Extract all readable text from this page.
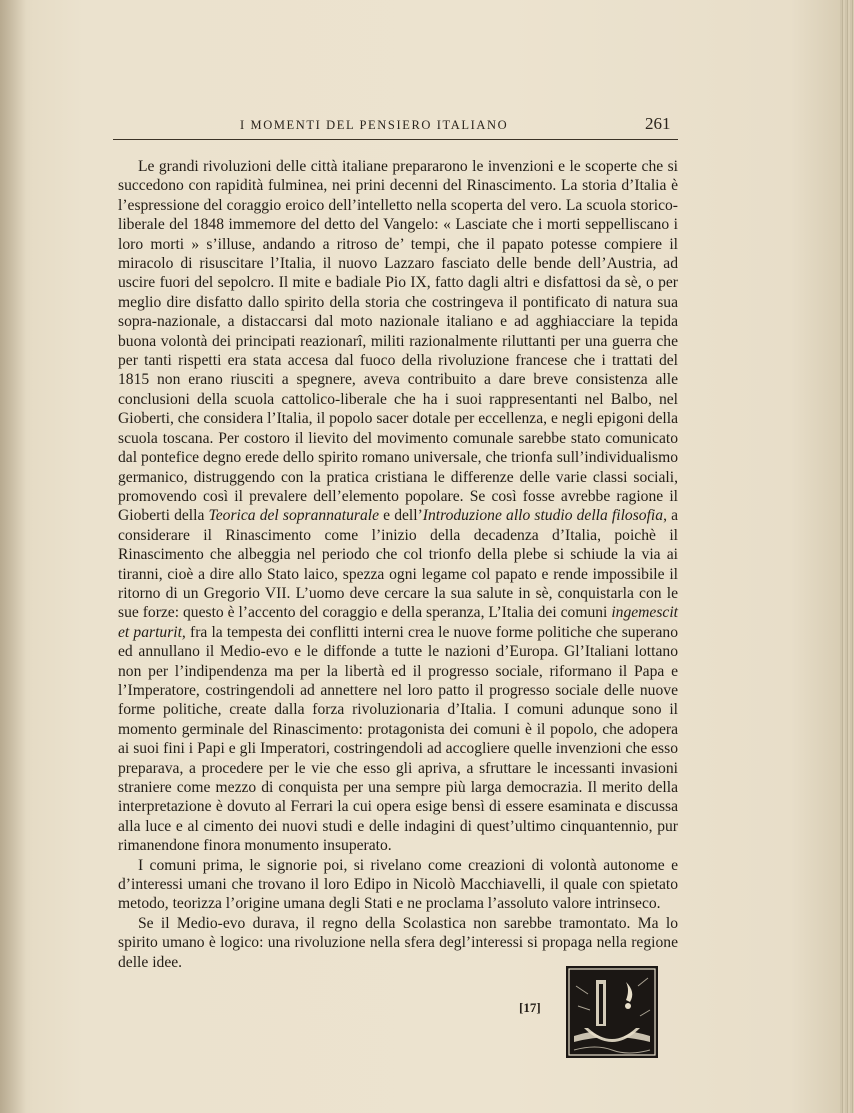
I MOMENTI DEL PENSIERO ITALIANO	261

Le grandi rivoluzioni delle città italiane prepararono le invenzioni e le scoperte che si succedono con rapidità fulminea, nei prini decenni del Rinascimento. La storia d’Italia è l’espressione del coraggio eroico dell’intelletto nella scoperta del vero. La scuola storico-liberale del 1848 immemore del detto del Vangelo: « Lasciate che i morti seppelliscano i loro morti » s’illuse, andando a ritroso de’ tempi, che il papato potesse compiere il miracolo di risuscitare l’Italia, il nuovo Lazzaro fasciato delle bende dell’Austria, ad uscire fuori del sepolcro. Il mite e badiale Pio IX, fatto dagli altri e disfattosi da sè, o per meglio dire disfatto dallo spirito della storia che costringeva il pontificato di natura sua sopra-nazionale, a distaccarsi dal moto nazionale italiano e ad agghiacciare la tepida buona volontà dei principati reazionarî, militi razionalmente riluttanti per una guerra che per tanti rispetti era stata accesa dal fuoco della rivoluzione francese che i trattati del 1815 non erano riusciti a spegnere, aveva contribuito a dare breve consistenza alle conclusioni della scuola cattolico-liberale che ha i suoi rappresentanti nel Balbo, nel Gioberti, che considera l’Italia, il popolo sacer dotale per eccellenza, e negli epigoni della scuola toscana. Per costoro il lievito del movimento comunale sarebbe stato comunicato dal pontefice degno erede dello spirito romano universale, che trionfa sull’individualismo germanico, distruggendo con la pratica cristiana le differenze delle varie classi sociali, promovendo così il prevalere dell’elemento popolare. Se così fosse avrebbe ragione il Gioberti della Teorica del soprannaturale e dell’Introduzione allo studio della filosofia, a considerare il Rinascimento come l’inizio della decadenza d’Italia, poichè il Rinascimento che albeggia nel periodo che col trionfo della plebe si schiude la via ai tiranni, cioè a dire allo Stato laico, spezza ogni legame col papato e rende impossibile il ritorno di un Gregorio VII. L’uomo deve cercare la sua salute in sè, conquistarla con le sue forze: questo è l’accento del coraggio e della speranza, L’Italia dei comuni ingemescit et parturit, fra la tempesta dei conflitti interni crea le nuove forme politiche che superano ed annullano il Medio-evo e le diffonde a tutte le nazioni d’Europa. Gl’Italiani lottano non per l’indipendenza ma per la libertà ed il progresso sociale, riformano il Papa e l’Imperatore, costringendoli ad annettere nel loro patto il progresso sociale delle nuove forme politiche, create dalla forza rivoluzionaria d’Italia. I comuni adunque sono il momento germinale del Rinascimento: protagonista dei comuni è il popolo, che adopera ai suoi fini i Papi e gli Imperatori, costringendoli ad accogliere quelle invenzioni che esso preparava, a procedere per le vie che esso gli apriva, a sfruttare le incessanti invasioni straniere come mezzo di conquista per una sempre più larga democrazia. Il merito della interpretazione è dovuto al Ferrari la cui opera esige bensì di essere esaminata e discussa alla luce e al cimento dei nuovi studi e delle indagini di quest’ultimo cinquantennio, pur rimanendone finora monumento insuperato.

I comuni prima, le signorie poi, si rivelano come creazioni di volontà autonome e d’interessi umani che trovano il loro Edipo in Nicolò Macchiavelli, il quale con spietato metodo, teorizza l’origine umana degli Stati e ne proclama l’assoluto valore intrinseco.

Se il Medio-evo durava, il regno della Scolastica non sarebbe tramontato. Ma lo spirito umano è logico: una rivoluzione nella sfera degl’interessi si propaga nella regione delle idee.

[17]
